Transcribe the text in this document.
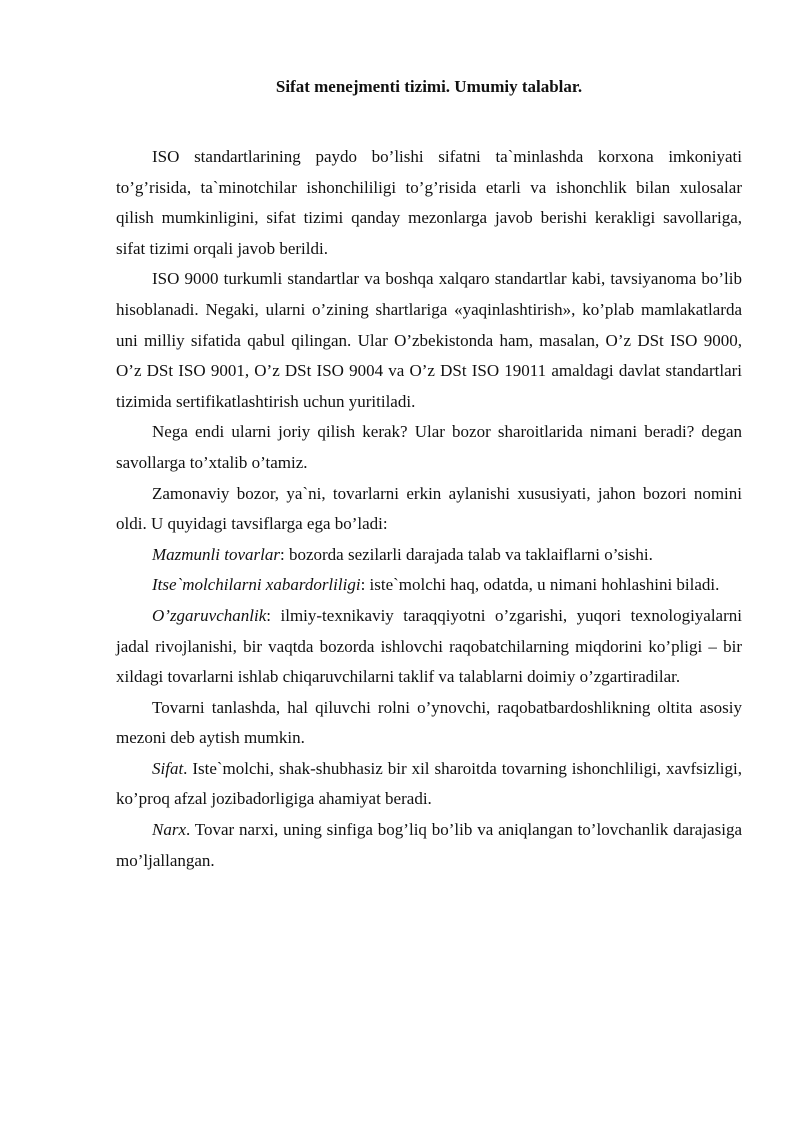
Sifat menejmenti tizimi. Umumiy talablar.

ISO standartlarining paydo bo’lishi sifatni ta`minlashda korxona imkoniyati to’g’risida, ta`minotchilar ishonchililigi to’g’risida etarli va ishonchlik bilan xulosalar qilish mumkinligini, sifat tizimi qanday mezonlarga javob berishi kerakligi savollariga, sifat tizimi orqali javob berildi.

ISO 9000 turkumli standartlar va boshqa xalqaro standartlar kabi, tavsiyanoma bo’lib hisoblanadi. Negaki, ularni o’zining shartlariga «yaqinlashtirish», ko’plab mamlakatlarda uni milliy sifatida qabul qilingan. Ular O’zbekistonda ham, masalan, O’z DSt ISO 9000, O’z DSt ISO 9001, O’z DSt ISO 9004 va O’z DSt ISO 19011 amaldagi davlat standartlari tizimida sertifikatlashtirish uchun yuritiladi.

Nega endi ularni joriy qilish kerak? Ular bozor sharoitlarida nimani beradi? degan savollarga to’xtalib o’tamiz.

Zamonaviy bozor, ya`ni, tovarlarni erkin aylanishi xususiyati, jahon bozori nomini oldi. U quyidagi tavsiflarga ega bo’ladi:

Mazmunli tovarlar: bozorda sezilarli darajada talab va taklaiflarni o’sishi.

Itse`molchilarni xabardorliligi: iste`molchi haq, odatda, u nimani hohlashini biladi.

O’zgaruvchanlik: ilmiy-texnikaviy taraqqiyotni o’zgarishi, yuqori texnologiyalarni jadal rivojlanishi, bir vaqtda bozorda ishlovchi raqobatchilarning miqdorini ko’pligi – bir xildagi tovarlarni ishlab chiqaruvchilarni taklif va talablarni doimiy o’zgartiradilar.

Tovarni tanlashda, hal qiluvchi rolni o’ynovchi, raqobatbardoshlikning oltita asosiy mezoni deb aytish mumkin.

Sifat. Iste`molchi, shak-shubhasiz bir xil sharoitda tovarning ishonchliligi, xavfsizligi, ko’proq afzal jozibadorligiga ahamiyat beradi.

Narx. Tovar narxi, uning sinfiga bog’liq bo’lib va aniqlangan to’lovchanlik darajasiga mo’ljallangan.
